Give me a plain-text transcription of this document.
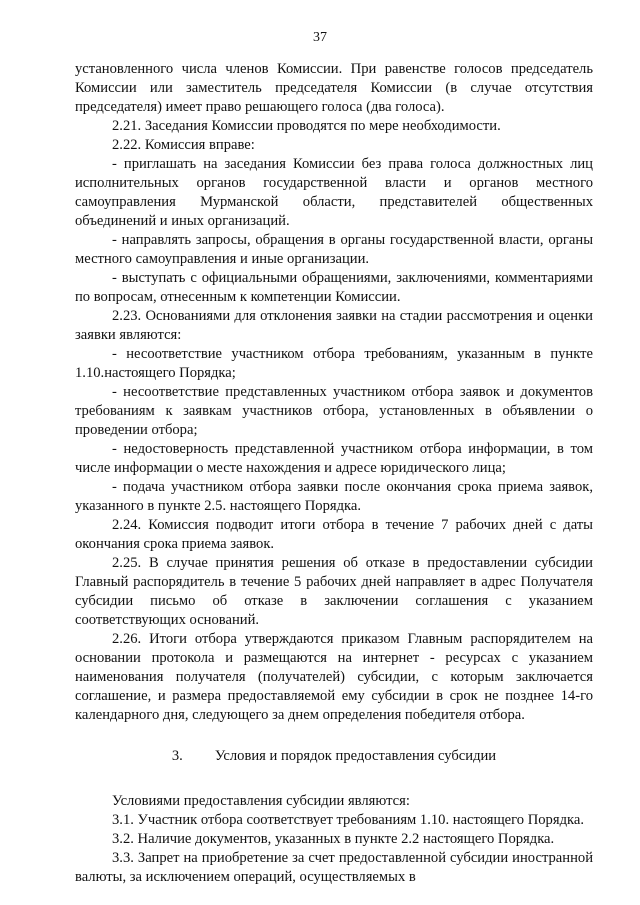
37

установленного числа членов Комиссии. При равенстве голосов председатель Комиссии или заместитель председателя Комиссии (в случае отсутствия председателя) имеет право решающего голоса (два голоса).

2.21. Заседания Комиссии проводятся по мере необходимости.

2.22. Комиссия вправе:

- приглашать на заседания Комиссии без права голоса должностных лиц исполнительных органов государственной власти и органов местного самоуправления Мурманской области, представителей общественных объединений и иных организаций.

- направлять запросы, обращения в органы государственной власти, органы местного самоуправления и иные организации.

- выступать с официальными обращениями, заключениями, комментариями по вопросам, отнесенным к компетенции Комиссии.

2.23. Основаниями для отклонения заявки на стадии рассмотрения и оценки заявки являются:

- несоответствие участником отбора требованиям, указанным в пункте 1.10.настоящего Порядка;

- несоответствие представленных участником отбора заявок и документов требованиям к заявкам участников отбора, установленных в объявлении о проведении отбора;

- недостоверность представленной участником отбора информации, в том числе информации о месте нахождения и адресе юридического лица;

- подача участником отбора заявки после окончания срока приема заявок, указанного в пункте 2.5. настоящего Порядка.

2.24. Комиссия подводит итоги отбора в течение 7 рабочих дней с даты окончания срока приема заявок.

2.25. В случае принятия решения об отказе в предоставлении субсидии Главный распорядитель в течение 5 рабочих дней направляет в адрес Получателя субсидии письмо об отказе в заключении соглашения с указанием соответствующих оснований.

2.26. Итоги отбора утверждаются приказом Главным распорядителем на основании протокола и размещаются на интернет - ресурсах с указанием наименования получателя (получателей) субсидии, с которым заключается соглашение, и размера предоставляемой ему субсидии в срок не позднее 14-го календарного дня, следующего за днем определения победителя отбора.

3. Условия и порядок предоставления субсидии

Условиями предоставления субсидии являются:

3.1. Участник отбора соответствует требованиям 1.10. настоящего Порядка.

3.2. Наличие документов, указанных в пункте 2.2 настоящего Порядка.

3.3. Запрет на приобретение за счет предоставленной субсидии иностранной валюты, за исключением операций, осуществляемых в
